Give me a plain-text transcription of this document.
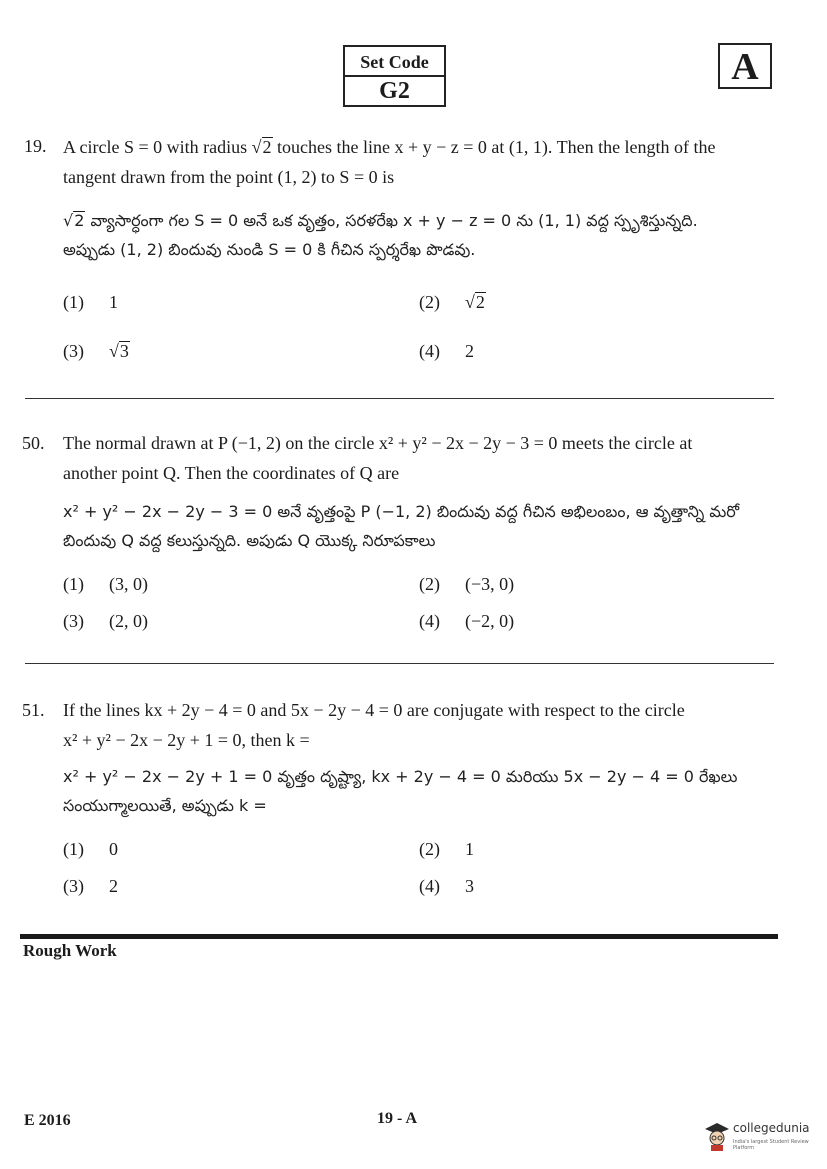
Set Code
G2
A
19. A circle S = 0 with radius √2 touches the line x + y − z = 0 at (1, 1). Then the length of the
tangent drawn from the point (1, 2) to S = 0 is
√2 వ్యాసార్ధంగా గల S = 0 అనే ఒక వృత్తం, సరళరేఖ x + y − z = 0 ను (1, 1) వద్ద స్పృశిస్తున్నది.
అప్పుడు (1, 2) బిందువు నుండి S = 0 కి గీచిన స్పర్శరేఖ పొడవు.
(1) 1	(2) √2
(3) √3	(4) 2
50. The normal drawn at P (−1, 2) on the circle x² + y² − 2x − 2y − 3 = 0 meets the circle at
another point Q. Then the coordinates of Q are
x² + y² − 2x − 2y − 3 = 0 అనే వృత్తంపై P (−1, 2) బిందువు వద్ద గీచిన అభిలంబం, ఆ వృత్తాన్ని మరో
బిందువు Q వద్ద కలుస్తున్నది. అపుడు Q యొక్క నిరూపకాలు
(1) (3, 0)	(2) (−3, 0)
(3) (2, 0)	(4) (−2, 0)
51. If the lines kx + 2y − 4 = 0 and 5x − 2y − 4 = 0 are conjugate with respect to the circle
x² + y² − 2x − 2y + 1 = 0, then k =
x² + y² − 2x − 2y + 1 = 0 వృత్తం దృష్ట్యా, kx + 2y − 4 = 0 మరియు 5x − 2y − 4 = 0 రేఖలు
సంయుగ్మాలయితే, అప్పుడు k =
(1) 0	(2) 1
(3) 2	(4) 3
Rough Work
E 2016	19 - A
collegedunia
India's largest Student Review Platform
